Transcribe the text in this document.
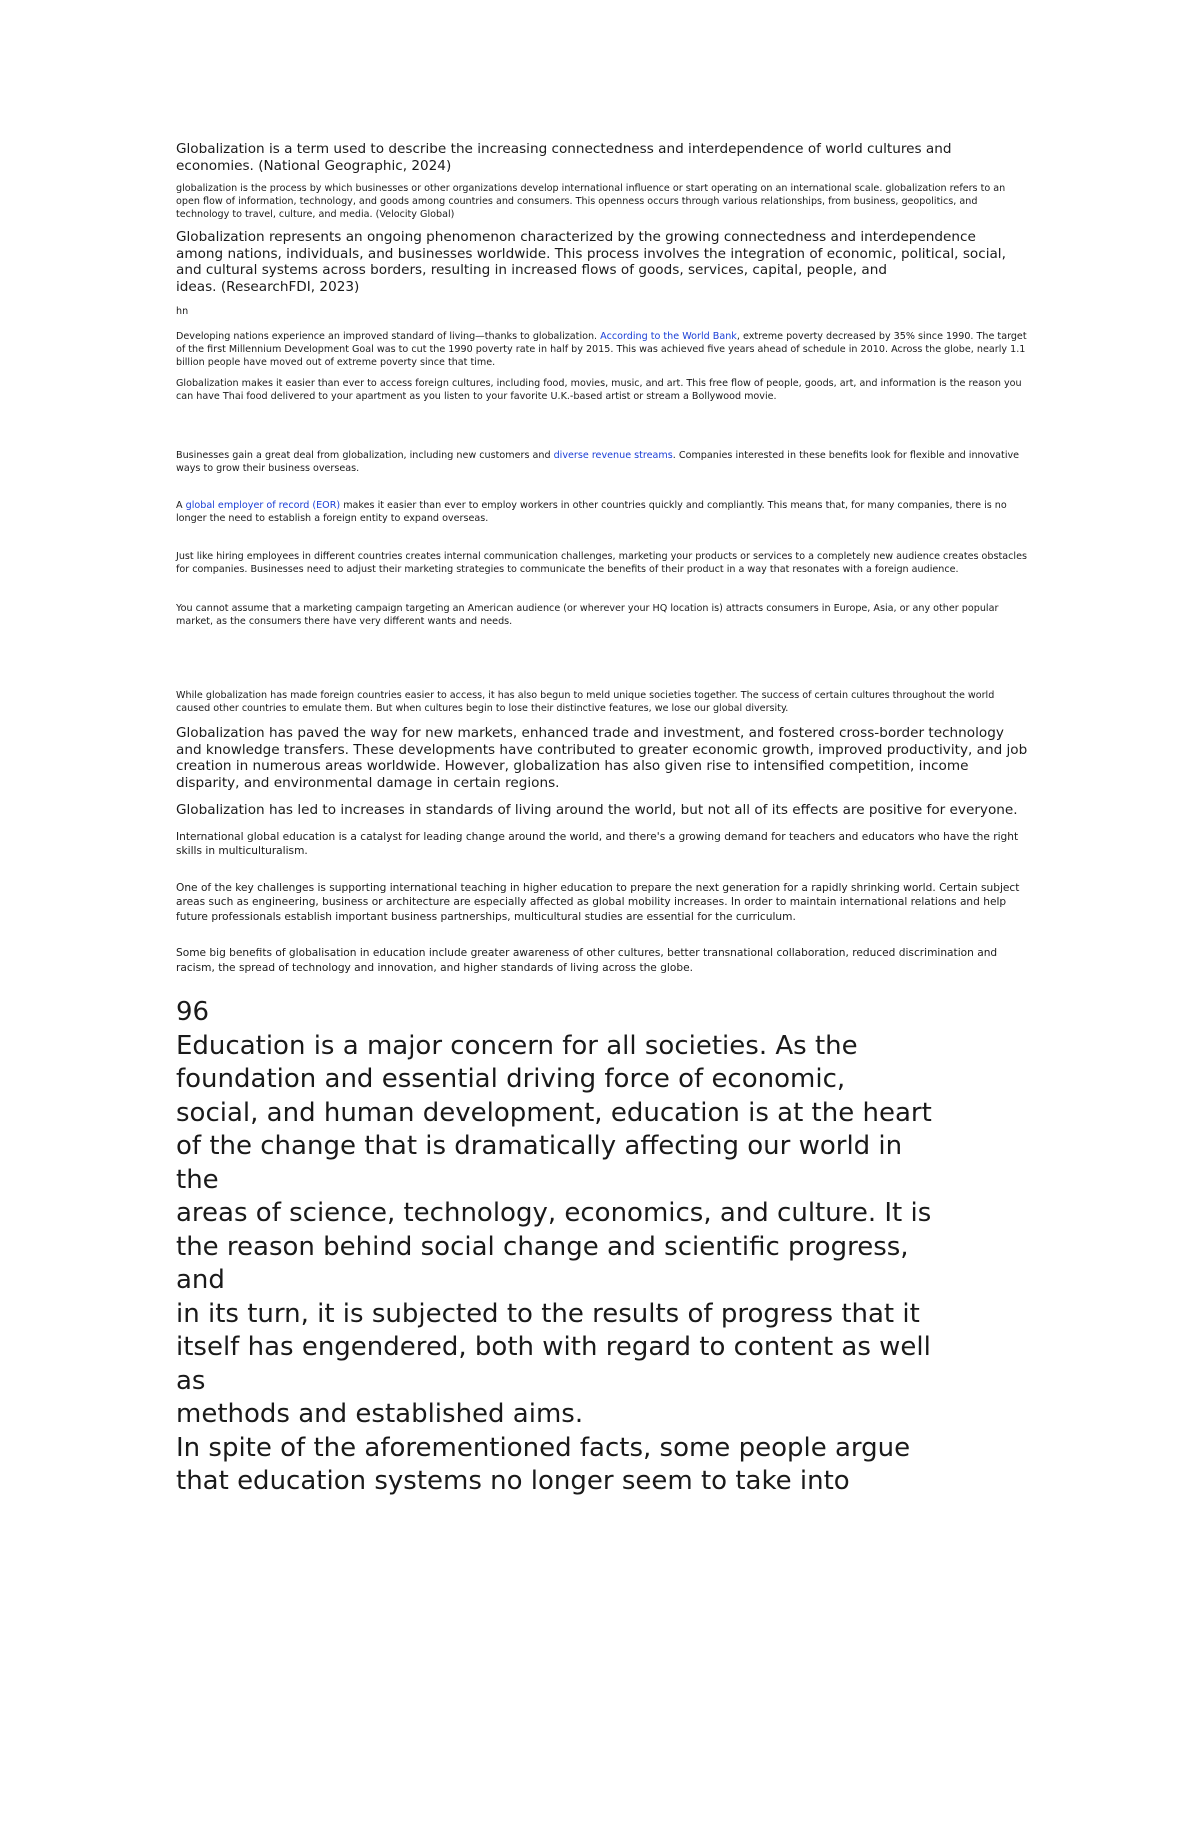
Globalization is a term used to describe the increasing connectedness and interdependence of world cultures and economies. (National Geographic, 2024)

globalization is the process by which businesses or other organizations develop international influence or start operating on an international scale. globalization refers to an open flow of information, technology, and goods among countries and consumers. This openness occurs through various relationships, from business, geopolitics, and technology to travel, culture, and media. (Velocity Global)

Globalization represents an ongoing phenomenon characterized by the growing connectedness and interdependence
among nations, individuals, and businesses worldwide. This process involves the integration of economic, political, social,
and cultural systems across borders, resulting in increased flows of goods, services, capital, people, and
ideas. (ResearchFDI, 2023)

hn

Developing nations experience an improved standard of living—thanks to globalization. According to the World Bank, extreme poverty decreased by 35% since 1990. The target of the first Millennium Development Goal was to cut the 1990 poverty rate in half by 2015. This was achieved five years ahead of schedule in 2010. Across the globe, nearly 1.1 billion people have moved out of extreme poverty since that time.

Globalization makes it easier than ever to access foreign cultures, including food, movies, music, and art. This free flow of people, goods, art, and information is the reason you can have Thai food delivered to your apartment as you listen to your favorite U.K.-based artist or stream a Bollywood movie.

Businesses gain a great deal from globalization, including new customers and diverse revenue streams. Companies interested in these benefits look for flexible and innovative ways to grow their business overseas.

A global employer of record (EOR) makes it easier than ever to employ workers in other countries quickly and compliantly. This means that, for many companies, there is no longer the need to establish a foreign entity to expand overseas.

Just like hiring employees in different countries creates internal communication challenges, marketing your products or services to a completely new audience creates obstacles for companies. Businesses need to adjust their marketing strategies to communicate the benefits of their product in a way that resonates with a foreign audience.

You cannot assume that a marketing campaign targeting an American audience (or wherever your HQ location is) attracts consumers in Europe, Asia, or any other popular market, as the consumers there have very different wants and needs.

While globalization has made foreign countries easier to access, it has also begun to meld unique societies together. The success of certain cultures throughout the world caused other countries to emulate them. But when cultures begin to lose their distinctive features, we lose our global diversity.

Globalization has paved the way for new markets, enhanced trade and investment, and fostered cross-border technology and knowledge transfers. These developments have contributed to greater economic growth, improved productivity, and job creation in numerous areas worldwide. However, globalization has also given rise to intensified competition, income disparity, and environmental damage in certain regions.

Globalization has led to increases in standards of living around the world, but not all of its effects are positive for everyone.

International global education is a catalyst for leading change around the world, and there's a growing demand for teachers and educators who have the right skills in multiculturalism.

One of the key challenges is supporting international teaching in higher education to prepare the next generation for a rapidly shrinking world. Certain subject areas such as engineering, business or architecture are especially affected as global mobility increases. In order to maintain international relations and help future professionals establish important business partnerships, multicultural studies are essential for the curriculum.

Some big benefits of globalisation in education include greater awareness of other cultures, better transnational collaboration, reduced discrimination and racism, the spread of technology and innovation, and higher standards of living across the globe.

96
Education is a major concern for all societies. As the
foundation and essential driving force of economic,
social, and human development, education is at the heart
of the change that is dramatically affecting our world in
the
areas of science, technology, economics, and culture. It is
the reason behind social change and scientific progress,
and
in its turn, it is subjected to the results of progress that it
itself has engendered, both with regard to content as well
as
methods and established aims.
In spite of the aforementioned facts, some people argue
that education systems no longer seem to take into
